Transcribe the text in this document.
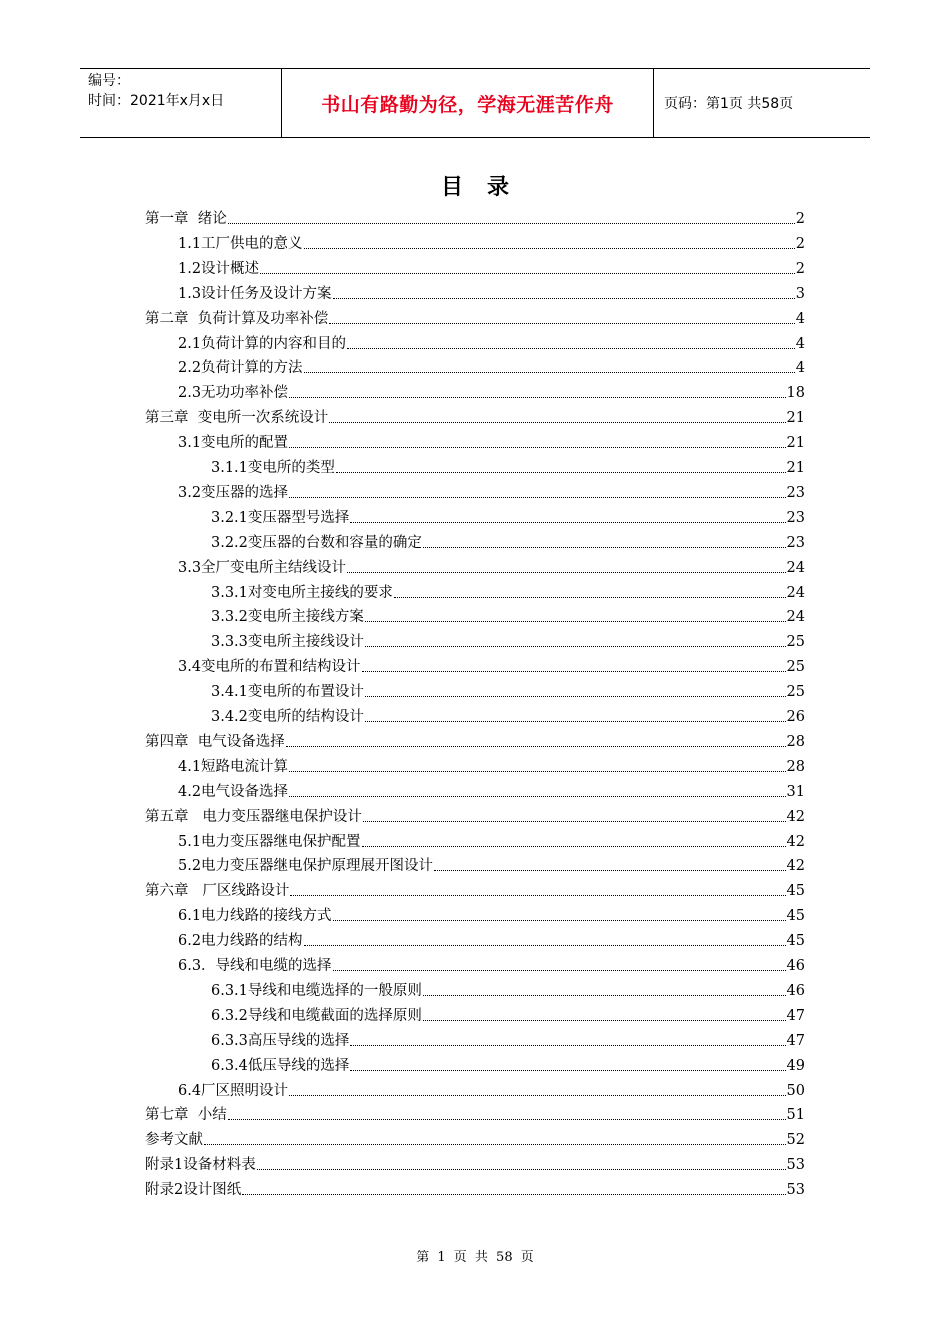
编号：
时间：2021年x月x日	书山有路勤为径，学海无涯苦作舟	页码：第1页 共58页
目录
第一章  绪论	2
1.1工厂供电的意义	2
1.2设计概述	2
1.3设计任务及设计方案	3
第二章  负荷计算及功率补偿	4
2.1负荷计算的内容和目的	4
2.2负荷计算的方法	4
2.3无功功率补偿	18
第三章  变电所一次系统设计	21
3.1变电所的配置	21
3.1.1变电所的类型	21
3.2变压器的选择	23
3.2.1变压器型号选择	23
3.2.2变压器的台数和容量的确定	23
3.3全厂变电所主结线设计	24
3.3.1对变电所主接线的要求	24
3.3.2变电所主接线方案	24
3.3.3变电所主接线设计	25
3.4变电所的布置和结构设计	25
3.4.1变电所的布置设计	25
3.4.2变电所的结构设计	26
第四章  电气设备选择	28
4.1短路电流计算	28
4.2电气设备选择	31
第五章   电力变压器继电保护设计	42
5.1电力变压器继电保护配置	42
5.2电力变压器继电保护原理展开图设计	42
第六章   厂区线路设计	45
6.1电力线路的接线方式	45
6.2电力线路的结构	45
6.3．导线和电缆的选择	46
6.3.1导线和电缆选择的一般原则	46
6.3.2导线和电缆截面的选择原则	47
6.3.3高压导线的选择	47
6.3.4低压导线的选择	49
6.4厂区照明设计	50
第七章  小结	51
参考文献	52
附录1设备材料表	53
附录2设计图纸	53
第 1 页 共 58 页
